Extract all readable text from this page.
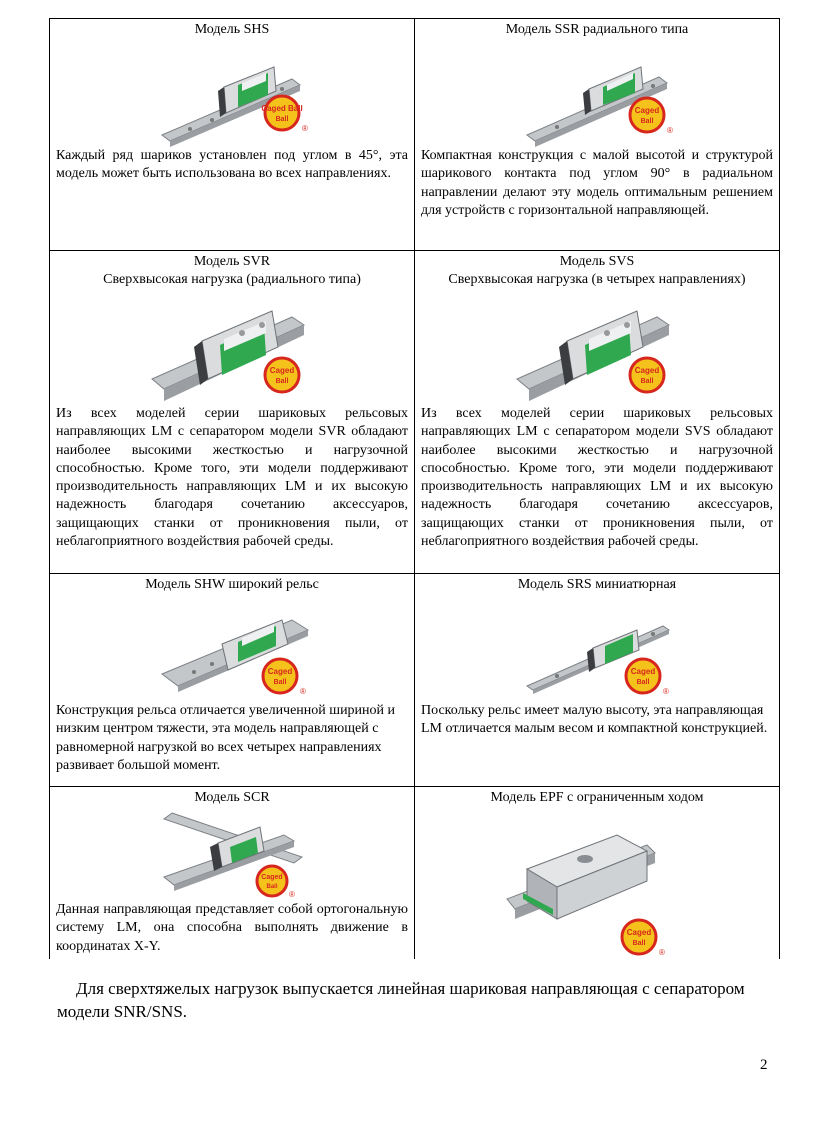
Модель SHS
Caged Ball
Ball
®

Каждый ряд шариков установлен под углом в 45°, эта модель может быть использована во всех направлениях.

Модель SSR радиального типа
Caged
Ball
®

Компактная конструкция с малой высотой и структурой шарикового контакта под углом 90° в радиальном направлении делают эту модель оптимальным решением для устройств с горизонтальной направляющей.

Модель SVR
Сверхвысокая нагрузка (радиального типа)
Caged
Ball

Из всех моделей серии шариковых рельсовых направляющих LM с сепаратором модели SVR обладают наиболее высокими жесткостью и нагрузочной способностью. Кроме того, эти модели поддерживают производительность направляющих LM и их высокую надежность благодаря сочетанию аксессуаров, защищающих станки от проникновения пыли, от неблагоприятного воздействия рабочей среды.

Модель SVS
Сверхвысокая нагрузка (в четырех направлениях)
Caged
Ball

Из всех моделей серии шариковых рельсовых направляющих LM с сепаратором модели SVS обладают наиболее высокими жесткостью и нагрузочной способностью. Кроме того, эти модели поддерживают производительность направляющих LM и их высокую надежность благодаря сочетанию аксессуаров, защищающих станки от проникновения пыли, от неблагоприятного воздействия рабочей среды.

Модель SHW широкий рельс
Caged
Ball
®

Конструкция рельса отличается увеличенной шириной и низким центром тяжести, эта модель направляющей с равномерной нагрузкой во всех четырех направлениях развивает большой момент.

Модель SRS миниатюрная
Caged
Ball
®

Поскольку рельс имеет малую высоту, эта направляющая LM отличается малым весом и компактной конструкцией.

Модель SCR
Caged
Ball
®

Данная направляющая представляет собой ортогональную систему LM, она способна выполнять движение в координатах X-Y.

Модель EPF с ограниченным ходом
Caged
Ball
®

Для сверхтяжелых нагрузок выпускается линейная шариковая направляющая с сепаратором модели SNR/SNS.

2
